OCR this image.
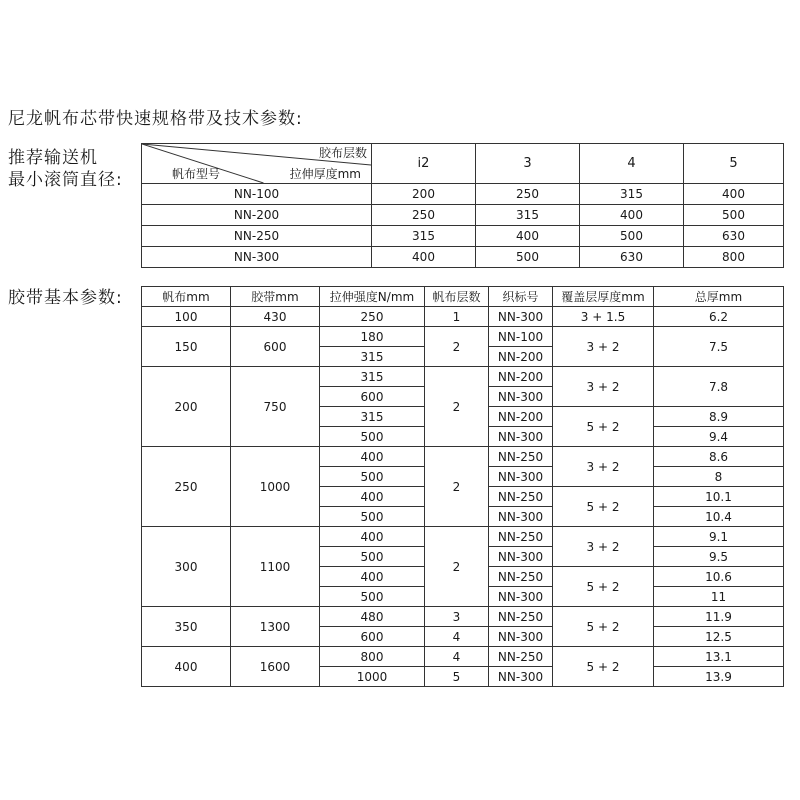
尼龙帆布芯带快速规格带及技术参数:
推荐输送机
最小滚筒直径:
胶带基本参数:
胶布层数
拉伸厚度mm
帆布型号	i2	3	4	5
NN-100	200	250	315	400
NN-200	250	315	400	500
NN-250	315	400	500	630
NN-300	400	500	630	800
帆布mm	胶带mm	拉伸强度N/mm	帆布层数	织标号	覆盖层厚度mm	总厚mm
100	430	250	1	NN-300	3 + 1.5	6.2
150	600	180	2	NN-100	3 + 2	7.5
		315		NN-200		
200	750	315	2	NN-200	3 + 2	7.8
		600		NN-300		
		315		NN-200	5 + 2	8.9
		500		NN-300		9.4
250	1000	400	2	NN-250	3 + 2	8.6
		500		NN-300		8
		400		NN-250	5 + 2	10.1
		500		NN-300		10.4
300	1100	400	2	NN-250	3 + 2	9.1
		500		NN-300		9.5
		400		NN-250	5 + 2	10.6
		500		NN-300		11
350	1300	480	3	NN-250	5 + 2	11.9
		600	4	NN-300		12.5
400	1600	800	4	NN-250	5 + 2	13.1
		1000	5	NN-300		13.9
